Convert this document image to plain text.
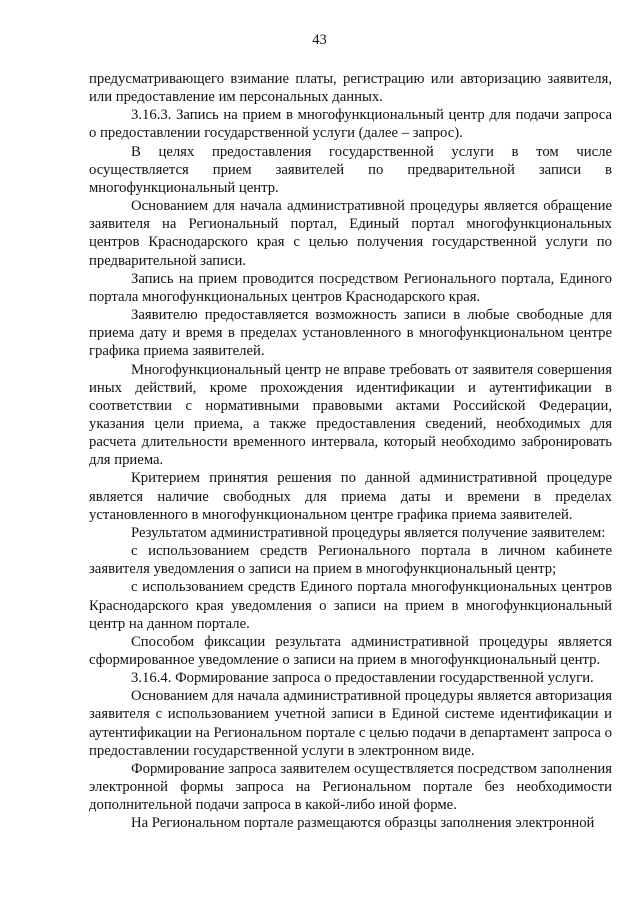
43

предусматривающего взимание платы, регистрацию или авторизацию заявителя, или предоставление им персональных данных.

3.16.3. Запись на прием в многофункциональный центр для подачи запроса о предоставлении государственной услуги (далее – запрос).

В целях предоставления государственной услуги в том числе осуществляется прием заявителей по предварительной записи в многофункциональный центр.

Основанием для начала административной процедуры является обращение заявителя на Региональный портал, Единый портал многофункциональных центров Краснодарского края с целью получения государственной услуги по предварительной записи.

Запись на прием проводится посредством Регионального портала, Единого портала многофункциональных центров Краснодарского края.

Заявителю предоставляется возможность записи в любые свободные для приема дату и время в пределах установленного в многофункциональном центре графика приема заявителей.

Многофункциональный центр не вправе требовать от заявителя совершения иных действий, кроме прохождения идентификации и аутентификации в соответствии с нормативными правовыми актами Российской Федерации, указания цели приема, а также предоставления сведений, необходимых для расчета длительности временного интервала, который необходимо забронировать для приема.

Критерием принятия решения по данной административной процедуре является наличие свободных для приема даты и времени в пределах установленного в многофункциональном центре графика приема заявителей.

Результатом административной процедуры является получение заявителем:

с использованием средств Регионального портала в личном кабинете заявителя уведомления о записи на прием в многофункциональный центр;

с использованием средств Единого портала многофункциональных центров Краснодарского края уведомления о записи на прием в многофункциональный центр на данном портале.

Способом фиксации результата административной процедуры является сформированное уведомление о записи на прием в многофункциональный центр.

3.16.4. Формирование запроса о предоставлении государственной услуги.

Основанием для начала административной процедуры является авторизация заявителя с использованием учетной записи в Единой системе идентификации и аутентификации на Региональном портале с целью подачи в департамент запроса о предоставлении государственной услуги в электронном виде.

Формирование запроса заявителем осуществляется посредством заполнения электронной формы запроса на Региональном портале без необходимости дополнительной подачи запроса в какой-либо иной форме.

На Региональном портале размещаются образцы заполнения электронной
